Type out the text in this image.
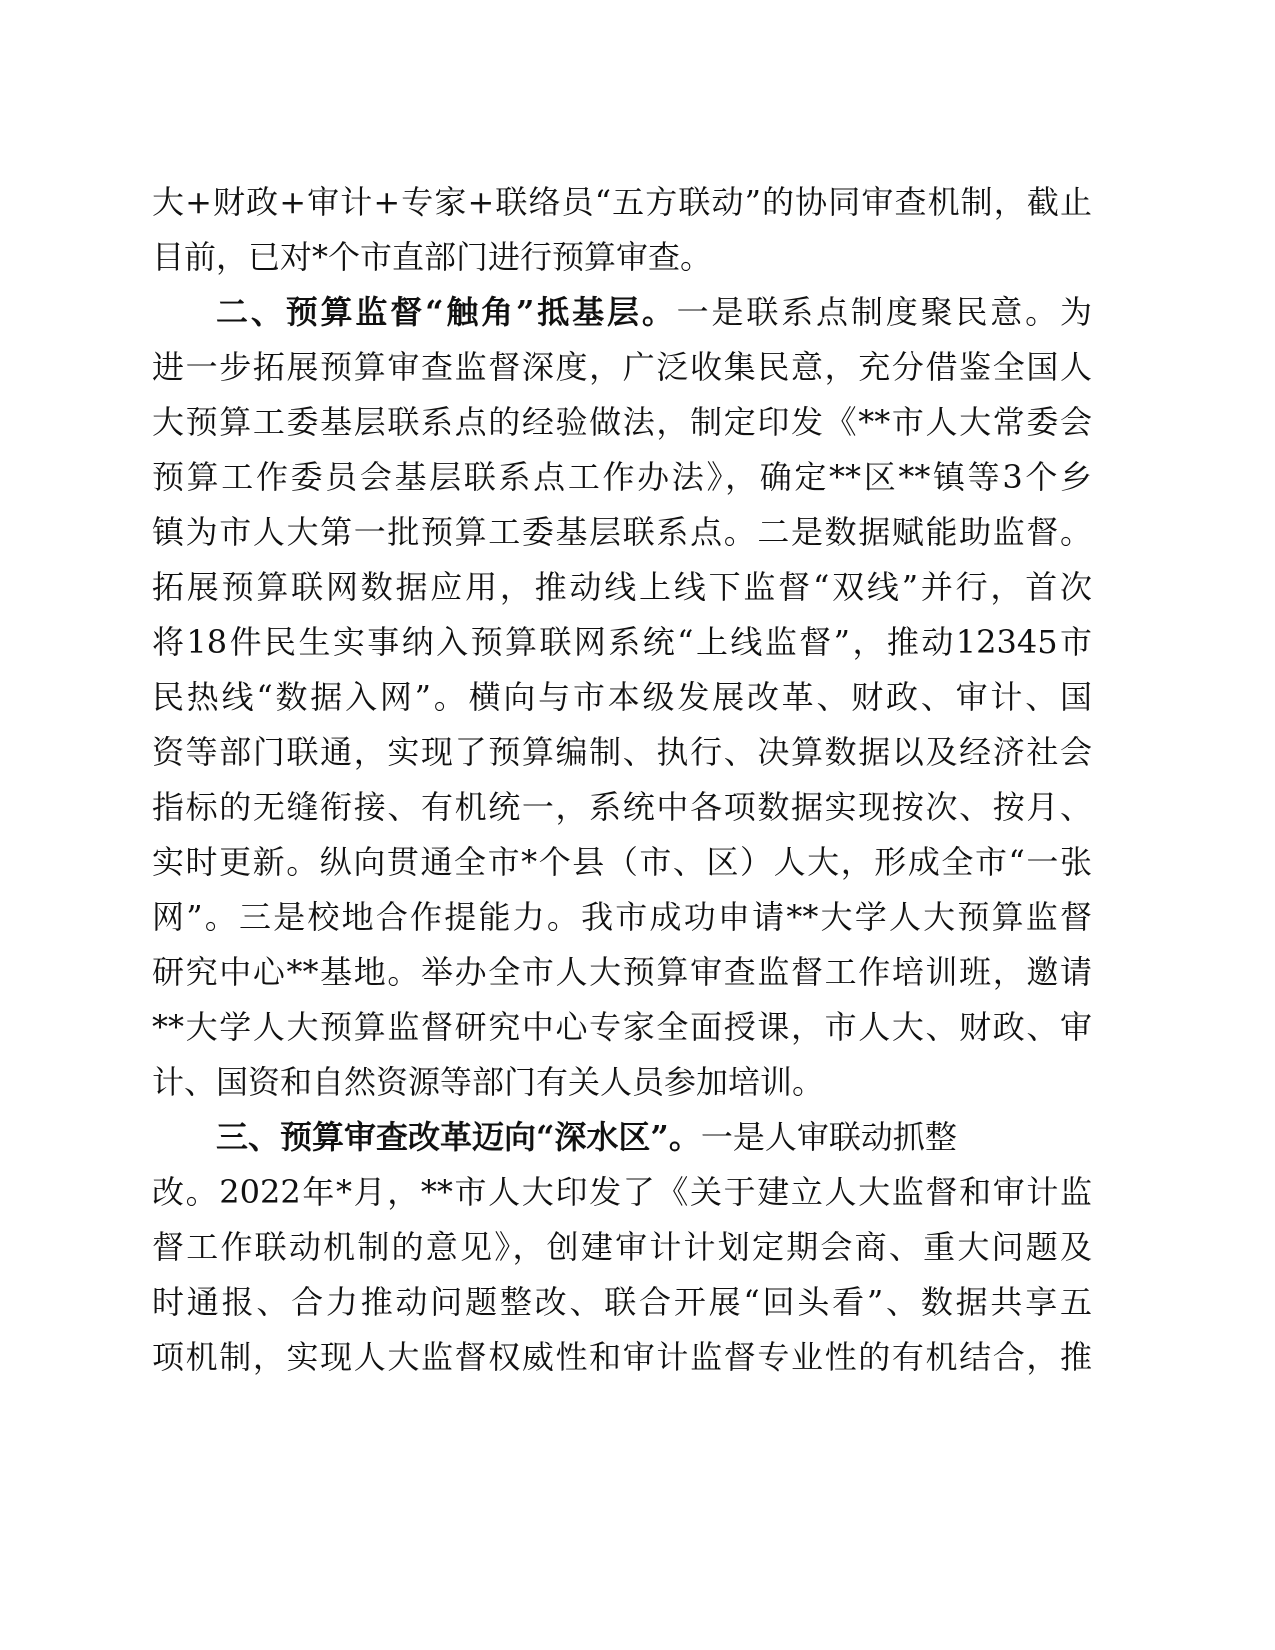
大+财政+审计+专家+联络员“五方联动”的协同审查机制，截止
目前，已对*个市直部门进行预算审查。
二、预算监督“触角”抵基层。一是联系点制度聚民意。为
进一步拓展预算审查监督深度，广泛收集民意，充分借鉴全国人
大预算工委基层联系点的经验做法，制定印发《**市人大常委会
预算工作委员会基层联系点工作办法》，确定**区**镇等3个乡
镇为市人大第一批预算工委基层联系点。二是数据赋能助监督。
拓展预算联网数据应用，推动线上线下监督“双线”并行，首次
将18件民生实事纳入预算联网系统“上线监督”，推动12345市
民热线“数据入网”。横向与市本级发展改革、财政、审计、国
资等部门联通，实现了预算编制、执行、决算数据以及经济社会
指标的无缝衔接、有机统一，系统中各项数据实现按次、按月、
实时更新。纵向贯通全市*个县（市、区）人大，形成全市“一张
网”。三是校地合作提能力。我市成功申请**大学人大预算监督
研究中心**基地。举办全市人大预算审查监督工作培训班，邀请
**大学人大预算监督研究中心专家全面授课，市人大、财政、审
计、国资和自然资源等部门有关人员参加培训。
三、预算审查改革迈向“深水区”。一是人审联动抓整
改。2022年*月，**市人大印发了《关于建立人大监督和审计监
督工作联动机制的意见》，创建审计计划定期会商、重大问题及
时通报、合力推动问题整改、联合开展“回头看”、数据共享五
项机制，实现人大监督权威性和审计监督专业性的有机结合，推
